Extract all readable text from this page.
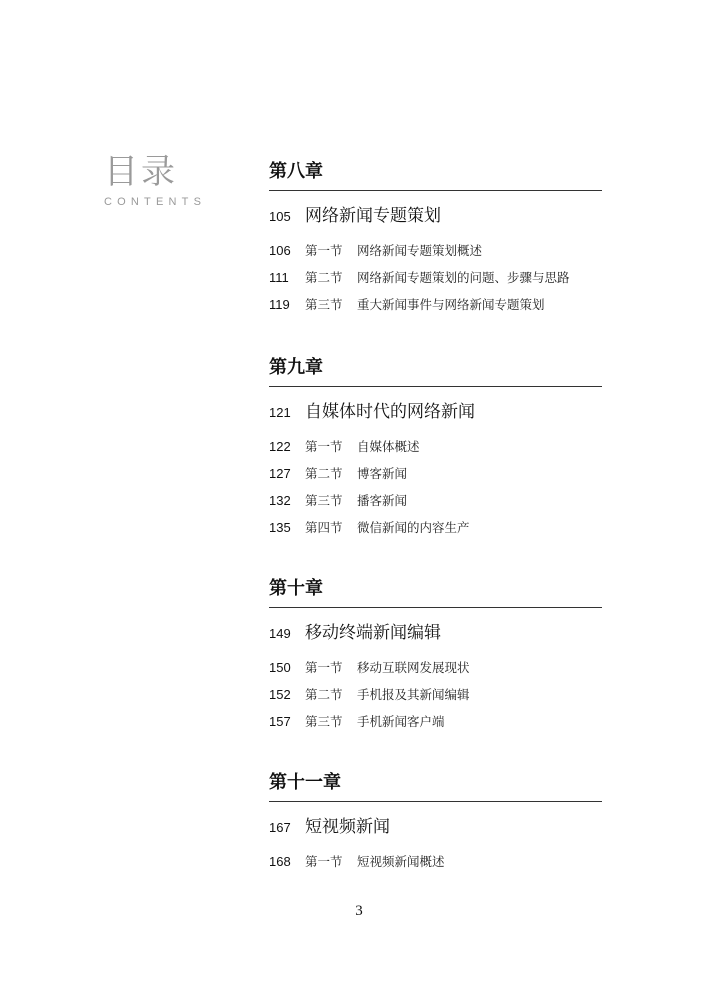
目录
CONTENTS
第八章
105 网络新闻专题策划
106	第一节	网络新闻专题策划概述
111	第二节	网络新闻专题策划的问题、步骤与思路
119	第三节	重大新闻事件与网络新闻专题策划
第九章
121 自媒体时代的网络新闻
122	第一节	自媒体概述
127	第二节	博客新闻
132	第三节	播客新闻
135	第四节	微信新闻的内容生产
第十章
149 移动终端新闻编辑
150	第一节	移动互联网发展现状
152	第二节	手机报及其新闻编辑
157	第三节	手机新闻客户端
第十一章
167 短视频新闻
168	第一节	短视频新闻概述
3
